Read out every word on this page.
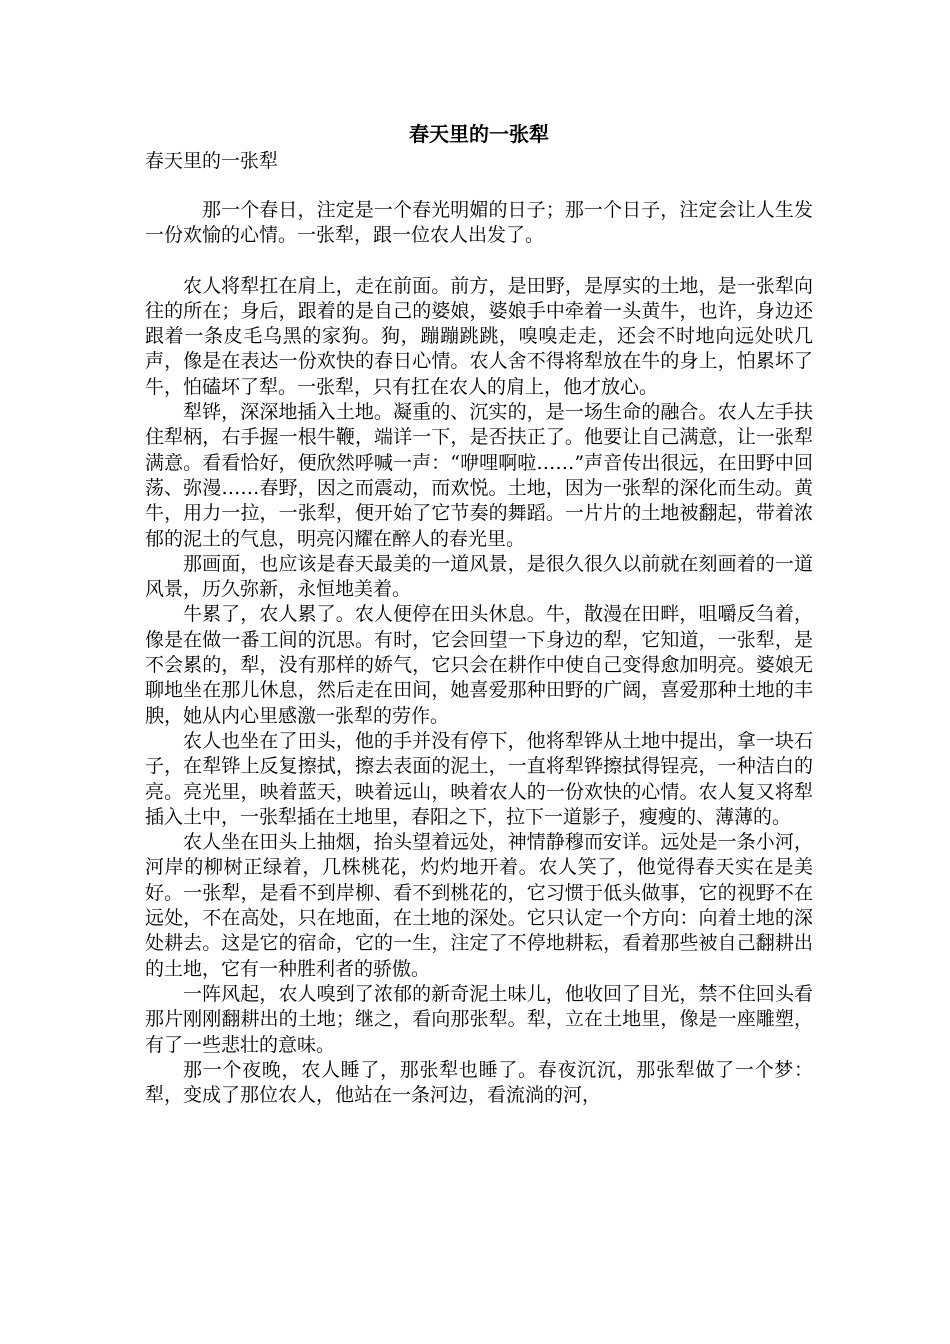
春天里的一张犁

春天里的一张犁

那一个春日，注定是一个春光明媚的日子；那一个日子，注定会让人生发一份欢愉的心情。一张犁，跟一位农人出发了。

农人将犁扛在肩上，走在前面。前方，是田野，是厚实的土地，是一张犁向往的所在；身后，跟着的是自己的婆娘，婆娘手中牵着一头黄牛，也许，身边还跟着一条皮毛乌黑的家狗。狗，蹦蹦跳跳，嗅嗅走走，还会不时地向远处吠几声，像是在表达一份欢快的春日心情。农人舍不得将犁放在牛的身上，怕累坏了牛，怕磕坏了犁。一张犁，只有扛在农人的肩上，他才放心。

犁铧，深深地插入土地。凝重的、沉实的，是一场生命的融合。农人左手扶住犁柄，右手握一根牛鞭，端详一下，是否扶正了。他要让自己满意，让一张犁满意。看看恰好，便欣然呼喊一声：“咿哩啊啦……”声音传出很远，在田野中回荡、弥漫……春野，因之而震动，而欢悦。土地，因为一张犁的深化而生动。黄牛，用力一拉，一张犁，便开始了它节奏的舞蹈。一片片的土地被翻起，带着浓郁的泥土的气息，明亮闪耀在醉人的春光里。

那画面，也应该是春天最美的一道风景，是很久很久以前就在刻画着的一道风景，历久弥新，永恒地美着。

牛累了，农人累了。农人便停在田头休息。牛，散漫在田畔，咀嚼反刍着，像是在做一番工间的沉思。有时，它会回望一下身边的犁，它知道，一张犁，是不会累的，犁，没有那样的娇气，它只会在耕作中使自己变得愈加明亮。婆娘无聊地坐在那儿休息，然后走在田间，她喜爱那种田野的广阔，喜爱那种土地的丰腴，她从内心里感激一张犁的劳作。

农人也坐在了田头，他的手并没有停下，他将犁铧从土地中提出，拿一块石子，在犁铧上反复擦拭，擦去表面的泥土，一直将犁铧擦拭得锃亮，一种洁白的亮。亮光里，映着蓝天，映着远山，映着农人的一份欢快的心情。农人复又将犁插入土中，一张犁插在土地里，春阳之下，拉下一道影子，瘦瘦的、薄薄的。

农人坐在田头上抽烟，抬头望着远处，神情静穆而安详。远处是一条小河，河岸的柳树正绿着，几株桃花，灼灼地开着。农人笑了，他觉得春天实在是美好。一张犁，是看不到岸柳、看不到桃花的，它习惯于低头做事，它的视野不在远处，不在高处，只在地面，在土地的深处。它只认定一个方向：向着土地的深处耕去。这是它的宿命，它的一生，注定了不停地耕耘，看着那些被自己翻耕出的土地，它有一种胜利者的骄傲。

一阵风起，农人嗅到了浓郁的新奇泥土味儿，他收回了目光，禁不住回头看那片刚刚翻耕出的土地；继之，看向那张犁。犁，立在土地里，像是一座雕塑，有了一些悲壮的意味。

那一个夜晚，农人睡了，那张犁也睡了。春夜沉沉，那张犁做了一个梦：犁，变成了那位农人，他站在一条河边，看流淌的河，
